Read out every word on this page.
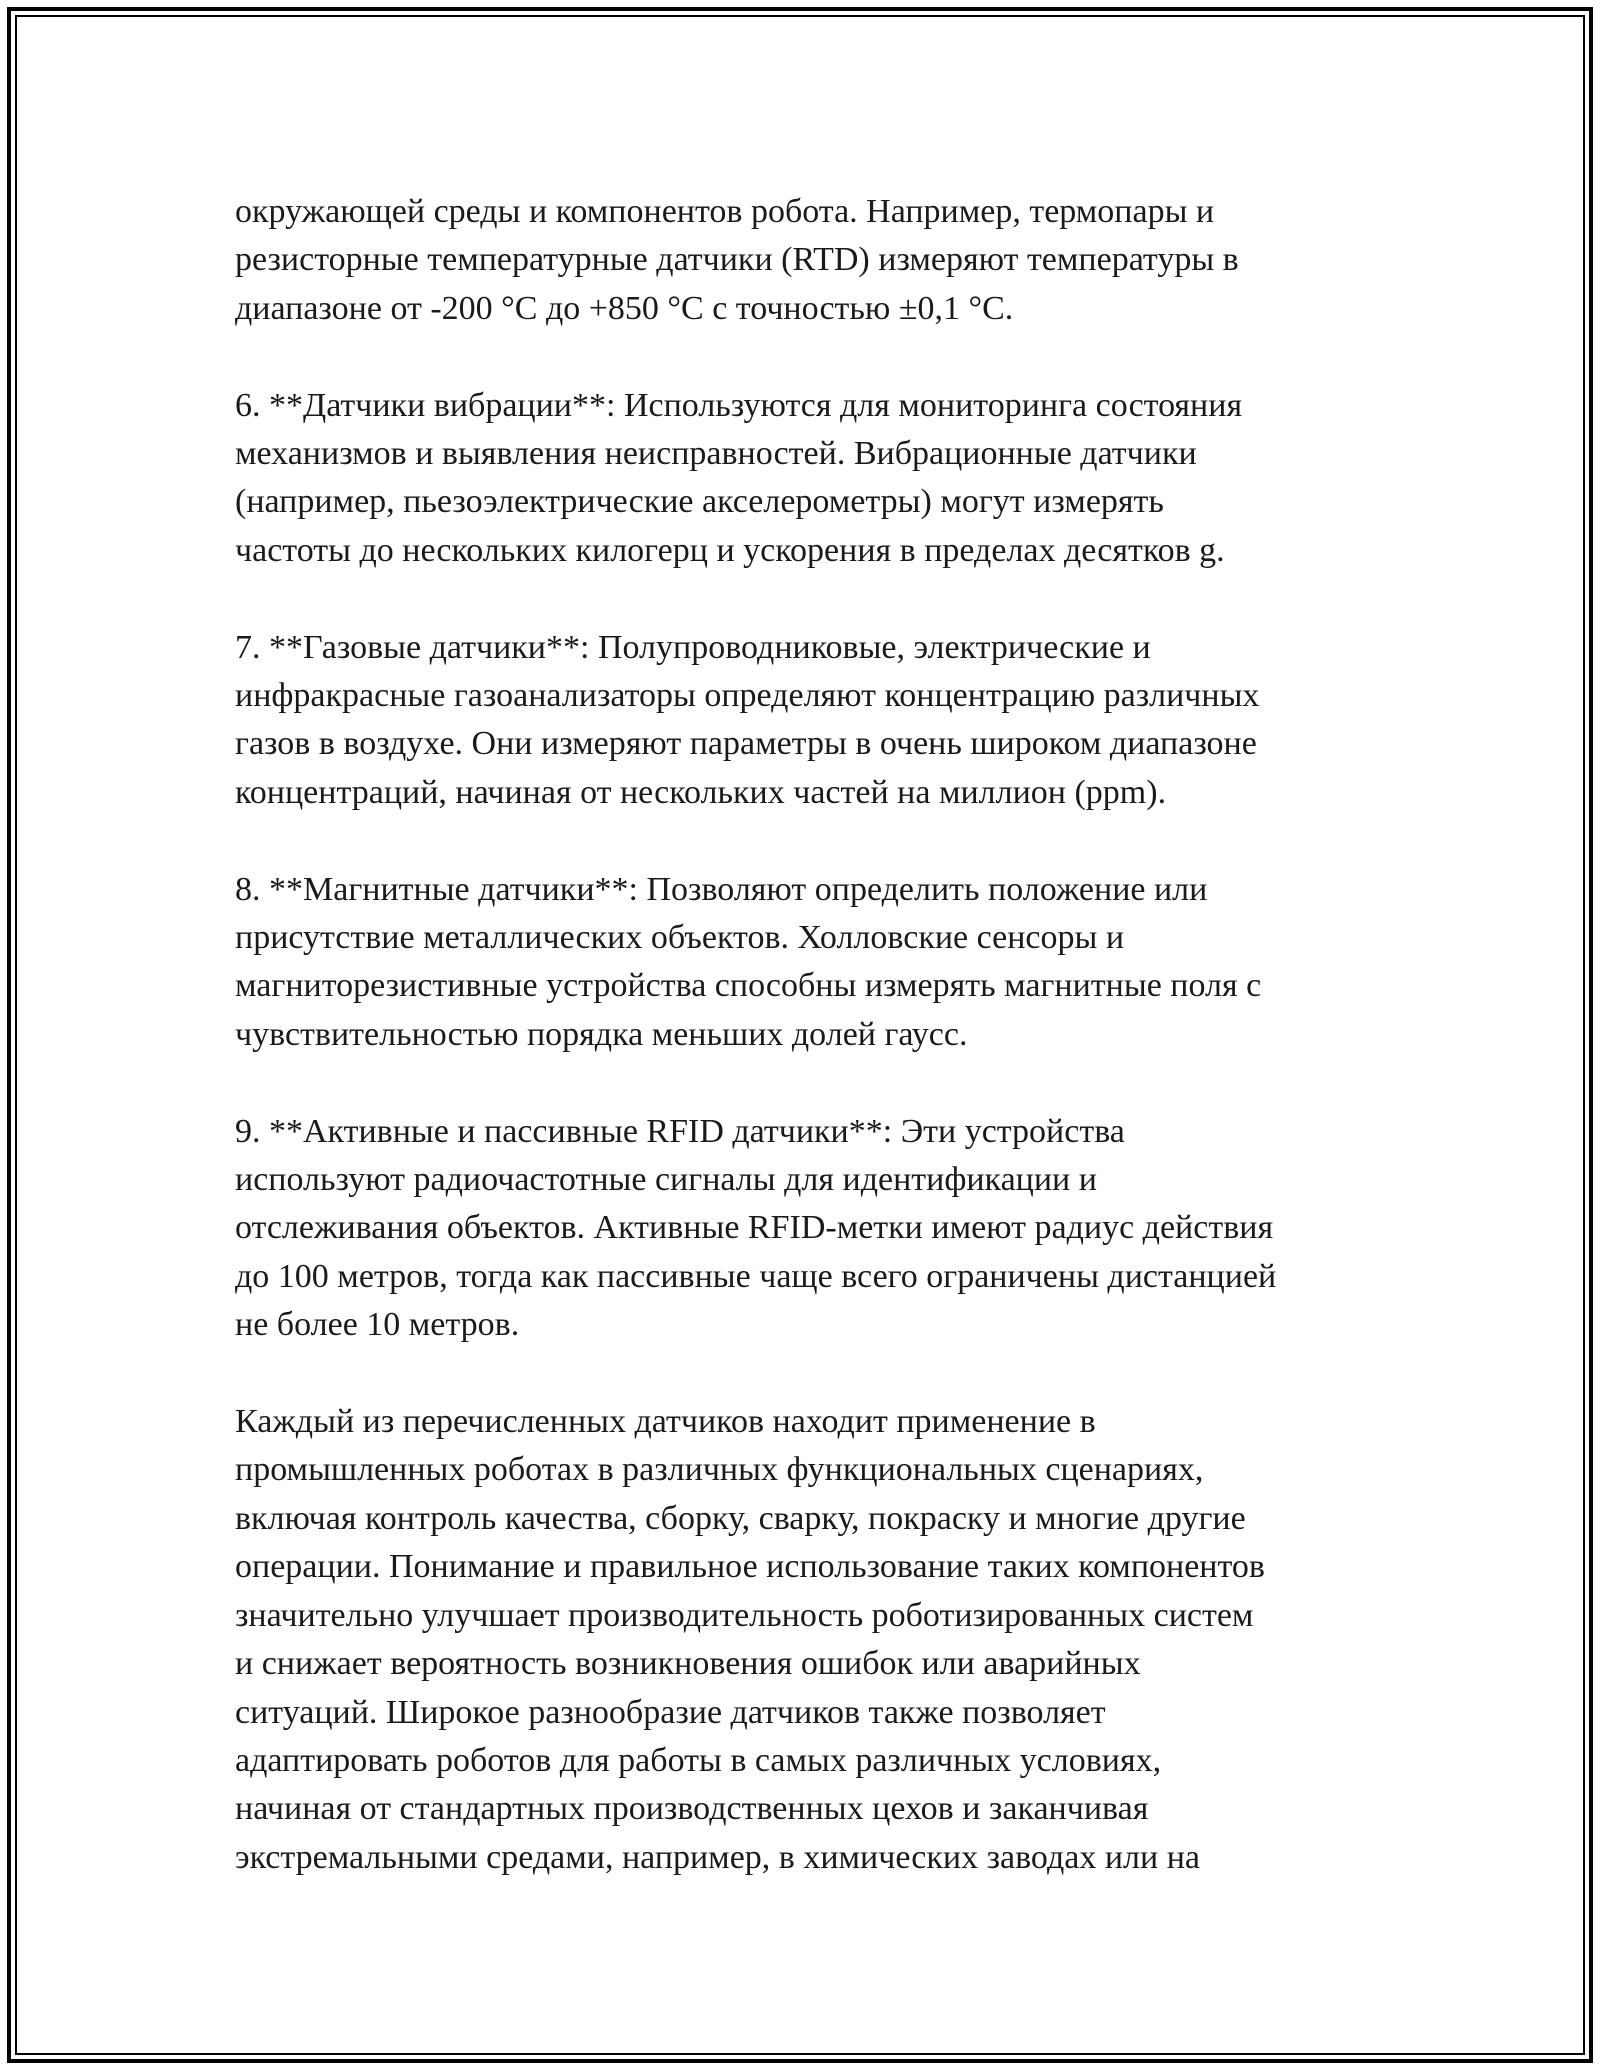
окружающей среды и компонентов робота. Например, термопары и
резисторные температурные датчики (RTD) измеряют температуры в
диапазоне от -200 °C до +850 °C с точностью ±0,1 °C.
6. **Датчики вибрации**: Используются для мониторинга состояния
механизмов и выявления неисправностей. Вибрационные датчики
(например, пьезоэлектрические акселерометры) могут измерять
частоты до нескольких килогерц и ускорения в пределах десятков g.
7. **Газовые датчики**: Полупроводниковые, электрические и
инфракрасные газоанализаторы определяют концентрацию различных
газов в воздухе. Они измеряют параметры в очень широком диапазоне
концентраций, начиная от нескольких частей на миллион (ppm).
8. **Магнитные датчики**: Позволяют определить положение или
присутствие металлических объектов. Холловские сенсоры и
магниторезистивные устройства способны измерять магнитные поля с
чувствительностью порядка меньших долей гаусс.
9. **Активные и пассивные RFID датчики**: Эти устройства
используют радиочастотные сигналы для идентификации и
отслеживания объектов. Активные RFID-метки имеют радиус действия
до 100 метров, тогда как пассивные чаще всего ограничены дистанцией
не более 10 метров.
Каждый из перечисленных датчиков находит применение в
промышленных роботах в различных функциональных сценариях,
включая контроль качества, сборку, сварку, покраску и многие другие
операции. Понимание и правильное использование таких компонентов
значительно улучшает производительность роботизированных систем
и снижает вероятность возникновения ошибок или аварийных
ситуаций. Широкое разнообразие датчиков также позволяет
адаптировать роботов для работы в самых различных условиях,
начиная от стандартных производственных цехов и заканчивая
экстремальными средами, например, в химических заводах или на
